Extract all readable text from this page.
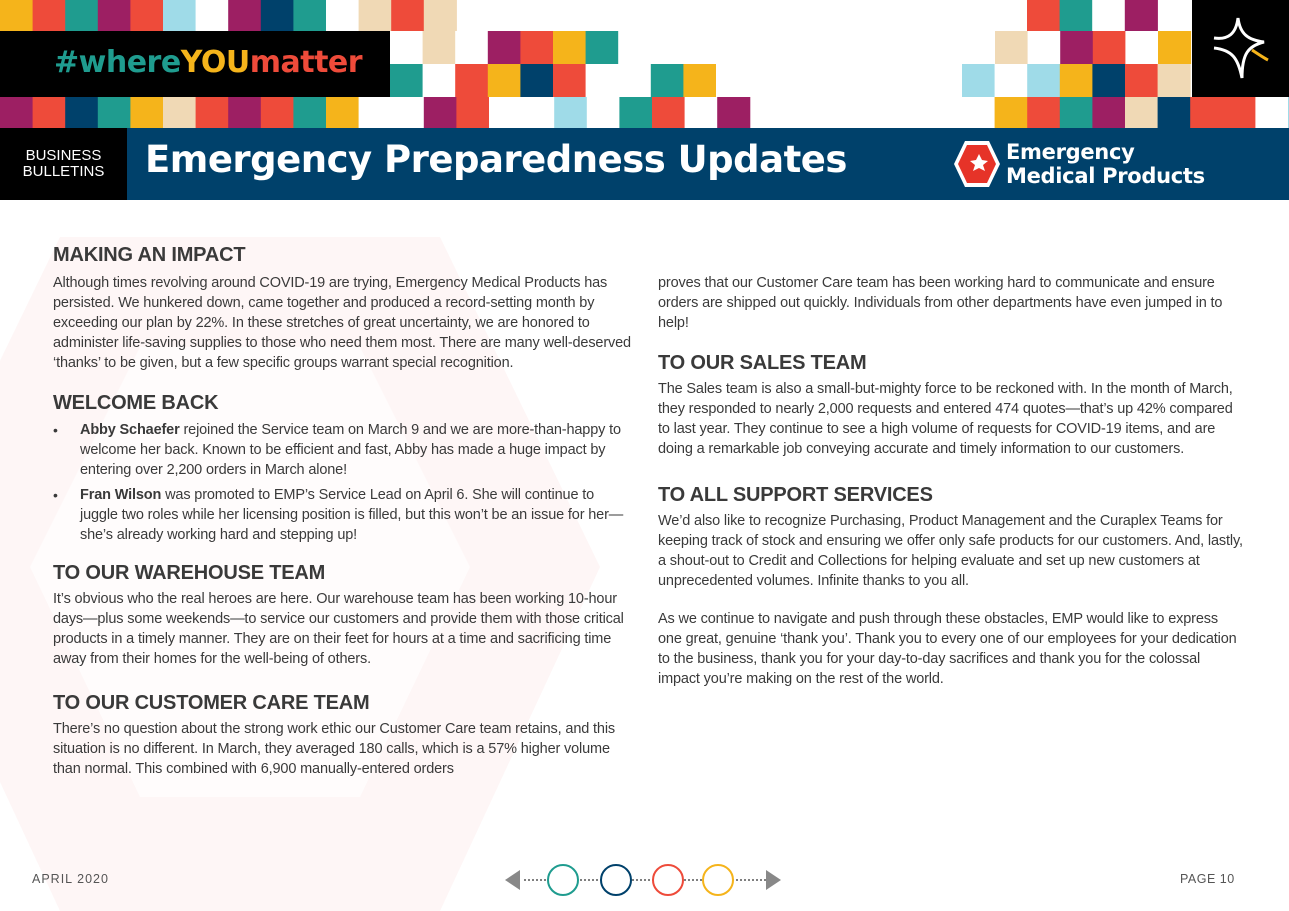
#whereYOUmatter
BUSINESS
BULLETINS Emergency Preparedness Updates	Emergency
Medical Products
MAKING AN IMPACT

Although times revolving around COVID-19 are trying, Emergency Medical Products has persisted. We hunkered down, came together and produced a record-setting month by exceeding our plan by 22%. In these stretches of great uncertainty, we are honored to administer life-saving supplies to those who need them most. There are many well-deserved ‘thanks’ to be given, but a few specific groups warrant special recognition.

WELCOME BACK
• Abby Schaefer rejoined the Service team on March 9 and we are more-than-happy to welcome her back. Known to be efficient and fast, Abby has made a huge impact by entering over 2,200 orders in March alone!
• Fran Wilson was promoted to EMP’s Service Lead on April 6. She will continue to juggle two roles while her licensing position is filled, but this won’t be an issue for her—she’s already working hard and stepping up!
TO OUR WAREHOUSE TEAM

It’s obvious who the real heroes are here. Our warehouse team has been working 10-hour days—plus some weekends—to service our customers and provide them with those critical products in a timely manner. They are on their feet for hours at a time and sacrificing time away from their homes for the well-being of others.

TO OUR CUSTOMER CARE TEAM

There’s no question about the strong work ethic our Customer Care team retains, and this situation is no different. In March, they averaged 180 calls, which is a 57% higher volume than normal. This combined with 6,900 manually-entered orders

proves that our Customer Care team has been working hard to communicate and ensure orders are shipped out quickly. Individuals from other departments have even jumped in to help!

TO OUR SALES TEAM

The Sales team is also a small-but-mighty force to be reckoned with. In the month of March, they responded to nearly 2,000 requests and entered 474 quotes—that’s up 42% compared to last year. They continue to see a high volume of requests for COVID-19 items, and are doing a remarkable job conveying accurate and timely information to our customers.

TO ALL SUPPORT SERVICES

We’d also like to recognize Purchasing, Product Management and the Curaplex Teams for keeping track of stock and ensuring we offer only safe products for our customers. And, lastly, a shout-out to Credit and Collections for helping evaluate and set up new customers at unprecedented volumes. Infinite thanks to you all.

As we continue to navigate and push through these obstacles, EMP would like to express one great, genuine ‘thank you’. Thank you to every one of our employees for your dedication to the business, thank you for your day-to-day sacrifices and thank you for the colossal impact you’re making on the rest of the world.

APRIL 2020	PAGE 10
